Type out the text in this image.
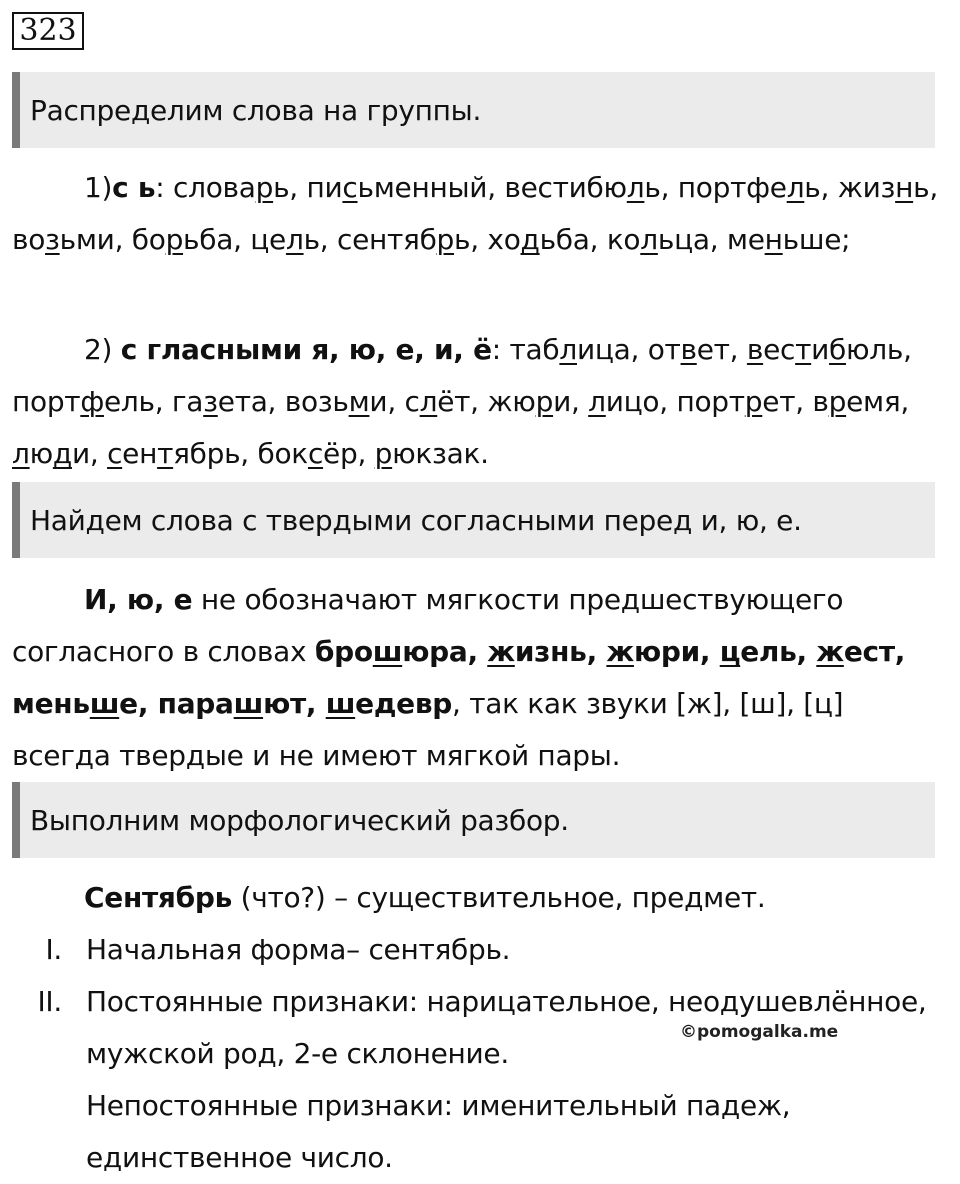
323
Распределим слова на группы.

1)с ь: словарь, письменный, вестибюль, портфель, жизнь, возьми, борьба, цель, сентябрь, ходьба, кольца, меньше;

2) с гласными я, ю, е, и, ё: таблица, ответ, вестибюль, портфель, газета, возьми, слёт, жюри, лицо, портрет, время, люди, сентябрь, боксёр, рюкзак.

Найдем слова с твердыми согласными перед и, ю, е.

И, ю, е не обозначают мягкости предшествующего согласного в словах брошюра, жизнь, жюри, цель, жест, меньше, парашют, шедевр, так как звуки [ж], [ш], [ц] всегда твердые и не имеют мягкой пары.

Выполним морфологический разбор.

Сентябрь (что?) – существительное, предмет.

I. Начальная форма– сентябрь.
II. Постоянные признаки: нарицательное, неодушевлённое, мужской род, 2-е склонение.
Непостоянные признаки: именительный падеж, единственное число.
©pomogalka.me
